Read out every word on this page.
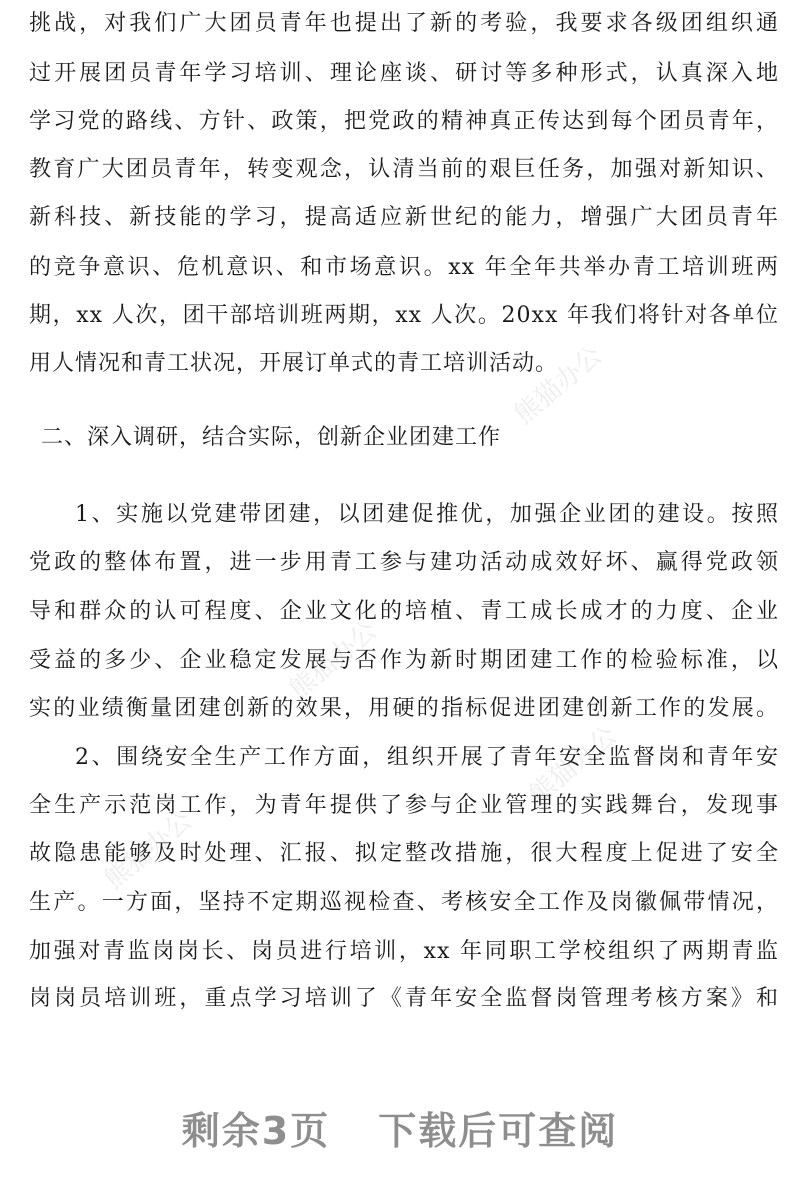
熊猫办公
熊猫办公
熊猫办公
熊猫办公
挑战，对我们广大团员青年也提出了新的考验，我要求各级团组织通
过开展团员青年学习培训、理论座谈、研讨等多种形式，认真深入地
学习党的路线、方针、政策，把党政的精神真正传达到每个团员青年，
教育广大团员青年，转变观念，认清当前的艰巨任务，加强对新知识、
新科技、新技能的学习，提高适应新世纪的能力，增强广大团员青年
的竞争意识、危机意识、和市场意识。xx 年全年共举办青工培训班两
期，xx 人次，团干部培训班两期，xx 人次。20xx 年我们将针对各单位
用人情况和青工状况，开展订单式的青工培训活动。
二、深入调研，结合实际，创新企业团建工作
1、实施以党建带团建，以团建促推优，加强企业团的建设。按照
党政的整体布置，进一步用青工参与建功活动成效好坏、赢得党政领
导和群众的认可程度、企业文化的培植、青工成长成才的力度、企业
受益的多少、企业稳定发展与否作为新时期团建工作的检验标准，以
实的业绩衡量团建创新的效果，用硬的指标促进团建创新工作的发展。
2、围绕安全生产工作方面，组织开展了青年安全监督岗和青年安
全生产示范岗工作，为青年提供了参与企业管理的实践舞台，发现事
故隐患能够及时处理、汇报、拟定整改措施，很大程度上促进了安全
生产。一方面，坚持不定期巡视检查、考核安全工作及岗徽佩带情况，
加强对青监岗岗长、岗员进行培训，xx 年同职工学校组织了两期青监
岗岗员培训班，重点学习培训了《青年安全监督岗管理考核方案》和
剩余3页 下载后可查阅
